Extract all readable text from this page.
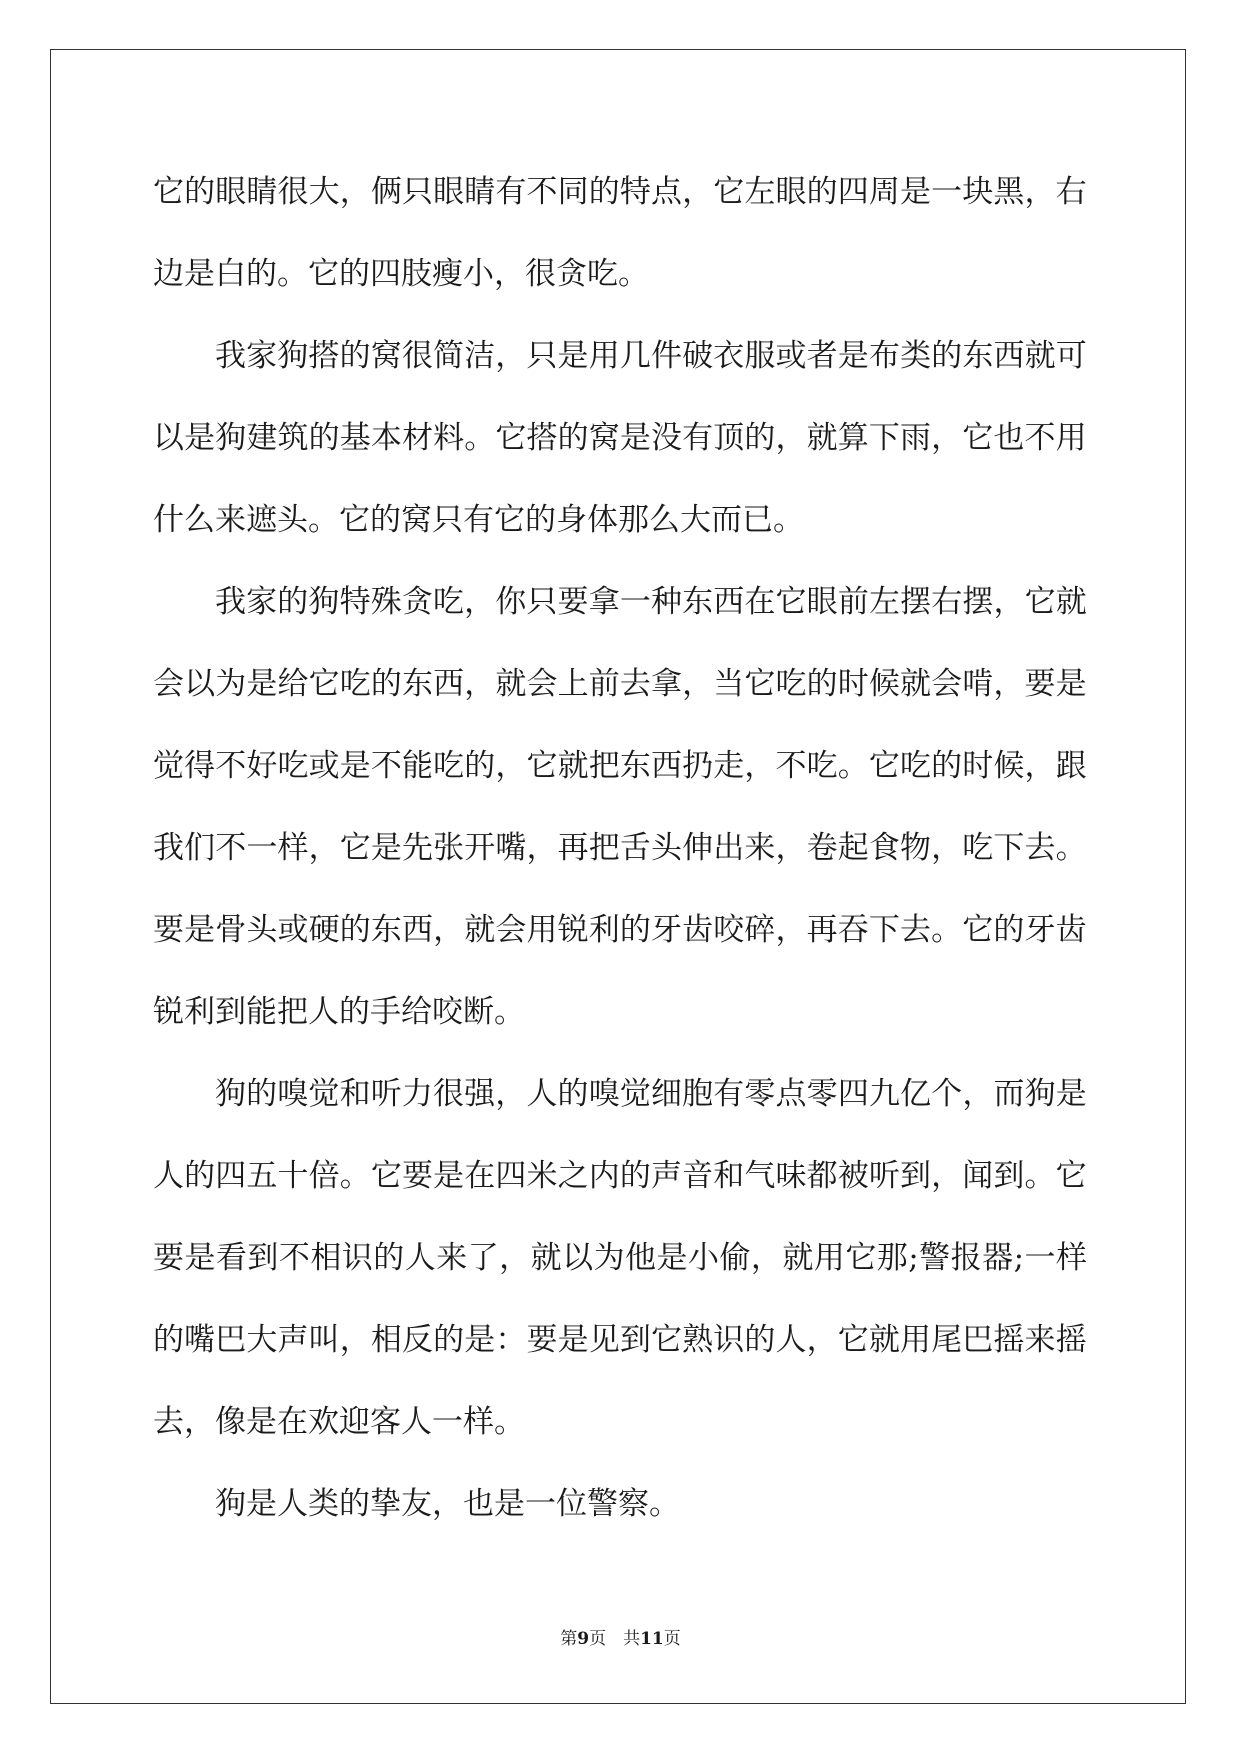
它 的 眼 睛 很 大 ， 俩 只 眼 睛 有 不 同 的 特 点 ， 它 左 眼 的 四 周 是 一 块 黑 ， 右
边是白的。它的四肢瘦小，很贪吃。
我 家 狗 搭 的 窝 很 简 洁 ， 只 是 用 几 件 破 衣 服 或 者 是 布 类 的 东 西 就 可
以 是 狗 建 筑 的 基 本 材 料 。 它 搭 的 窝 是 没 有 顶 的 ， 就 算 下 雨 ， 它 也 不 用
什么来遮头。它的窝只有它的身体那么大而已。
我 家 的 狗 特 殊 贪 吃 ， 你 只 要 拿 一 种 东 西 在 它 眼 前 左 摆 右 摆 ， 它 就
会 以 为 是 给 它 吃 的 东 西 ， 就 会 上 前 去 拿 ， 当 它 吃 的 时 候 就 会 啃 ， 要 是
觉 得 不 好 吃 或 是 不 能 吃 的 ， 它 就 把 东 西 扔 走 ， 不 吃 。 它 吃 的 时 候 ， 跟
我 们 不 一 样 ， 它 是 先 张 开 嘴 ， 再 把 舌 头 伸 出 来 ， 卷 起 食 物 ， 吃 下 去 。
要 是 骨 头 或 硬 的 东 西 ， 就 会 用 锐 利 的 牙 齿 咬 碎 ， 再 吞 下 去 。 它 的 牙 齿
锐利到能把人的手给咬断。
狗 的 嗅 觉 和 听 力 很 强 ， 人 的 嗅 觉 细 胞 有 零 点 零 四 九 亿 个 ， 而 狗 是
人 的 四 五 十 倍 。 它 要 是 在 四 米 之 内 的 声 音 和 气 味 都 被 听 到 ， 闻 到 。 它
要 是 看 到 不 相 识 的 人 来 了 ， 就 以 为 他 是 小 偷 ， 就 用 它 那 ; 警 报 器 ; 一 样
的 嘴 巴 大 声 叫 ， 相 反 的 是 ： 要 是 见 到 它 熟 识 的 人 ， 它 就 用 尾 巴 摇 来 摇
去，像是在欢迎客人一样。
狗是人类的挚友，也是一位警察。
第9页　共11页
